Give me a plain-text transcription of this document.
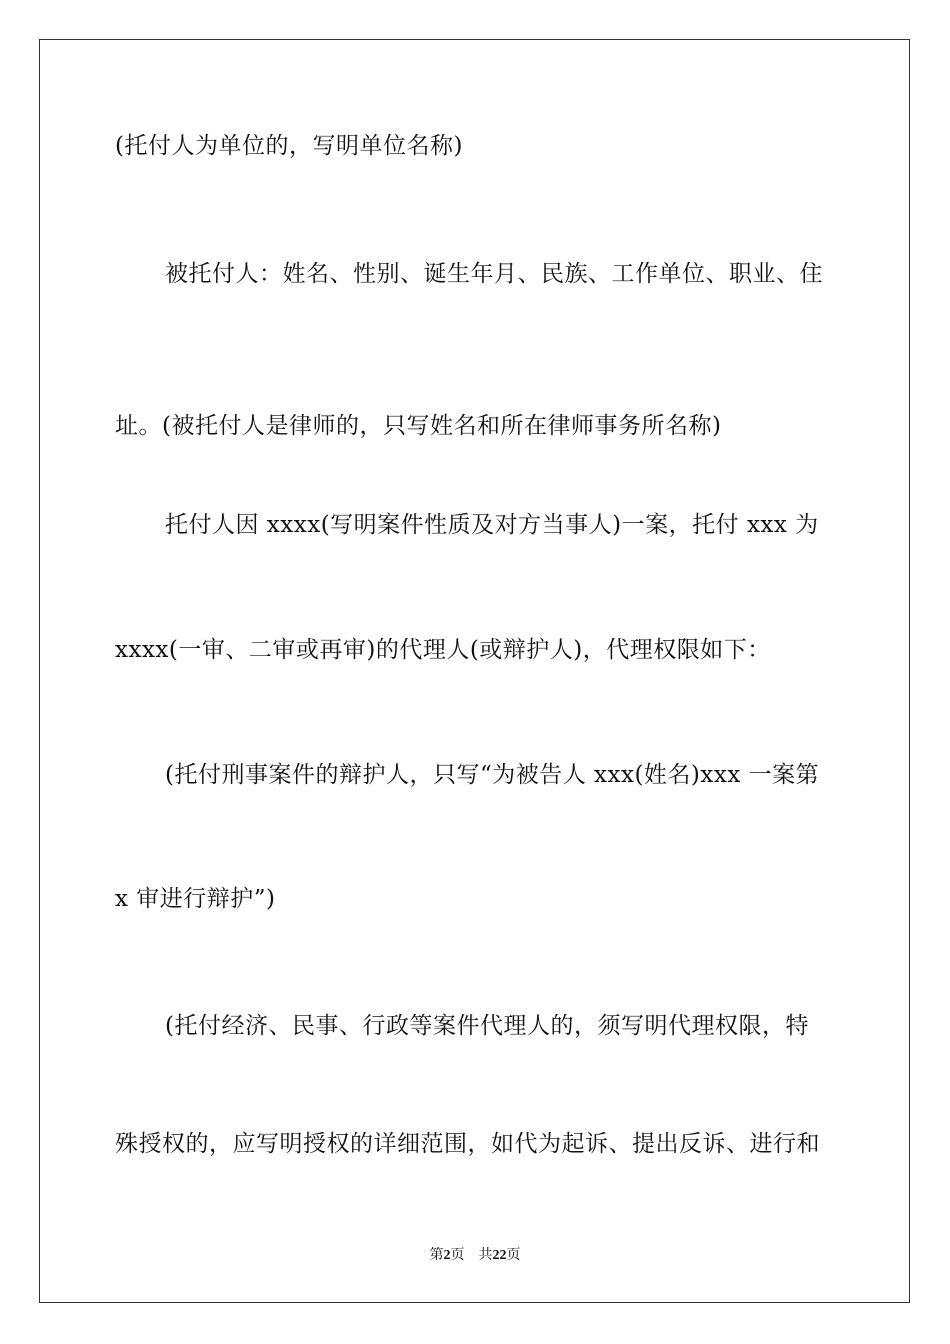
(托付人为单位的，写明单位名称)
被托付人：姓名、性别、诞生年月、民族、工作单位、职业、住
址。(被托付人是律师的，只写姓名和所在律师事务所名称)
托付人因 xxxx(写明案件性质及对方当事人)一案，托付 xxx 为
xxxx(一审、二审或再审)的代理人(或辩护人)，代理权限如下：
(托付刑事案件的辩护人，只写“为被告人 xxx(姓名)xxx 一案第
x 审进行辩护”)
(托付经济、民事、行政等案件代理人的，须写明代理权限，特
殊授权的，应写明授权的详细范围，如代为起诉、提出反诉、进行和
第2页 共22页
